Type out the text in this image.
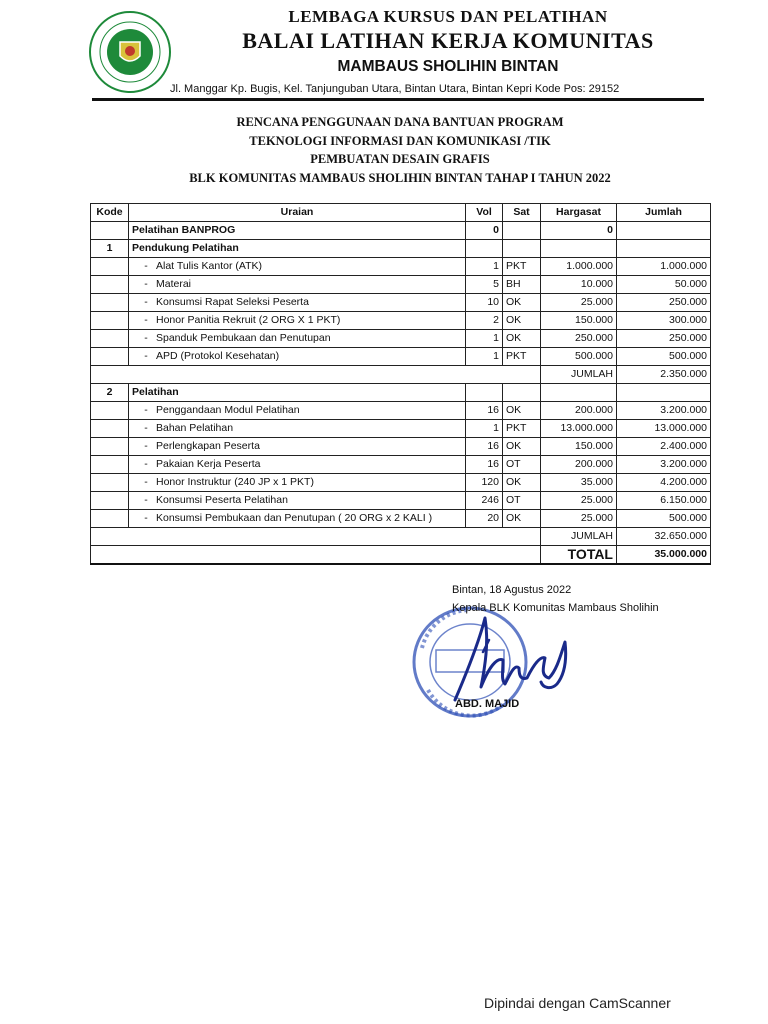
LEMBAGA KURSUS DAN PELATIHAN
BALAI LATIHAN KERJA KOMUNITAS
MAMBAUS SHOLIHIN BINTAN
Jl. Manggar Kp. Bugis, Kel. Tanjunguban Utara, Bintan Utara, Bintan Kepri Kode Pos: 29152
RENCANA PENGGUNAAN DANA BANTUAN PROGRAM
TEKNOLOGI INFORMASI DAN KOMUNIKASI /TIK
PEMBUATAN DESAIN GRAFIS
BLK KOMUNITAS MAMBAUS SHOLIHIN BINTAN TAHAP I TAHUN 2022
Kode	Uraian	Vol	Sat	Hargasat	Jumlah
	Pelatihan BANPROG	0		0	
1	Pendukung Pelatihan				
	- Alat Tulis Kantor (ATK)	1	PKT	1.000.000	1.000.000
	- Materai	5	BH	10.000	50.000
	- Konsumsi Rapat Seleksi Peserta	10	OK	25.000	250.000
	- Honor Panitia Rekruit (2 ORG X 1 PKT)	2	OK	150.000	300.000
	- Spanduk Pembukaan dan Penutupan	1	OK	250.000	250.000
	- APD (Protokol Kesehatan)	1	PKT	500.000	500.000
				JUMLAH	2.350.000
2	Pelatihan				
	- Penggandaan Modul Pelatihan	16	OK	200.000	3.200.000
	- Bahan Pelatihan	1	PKT	13.000.000	13.000.000
	- Perlengkapan Peserta	16	OK	150.000	2.400.000
	- Pakaian Kerja Peserta	16	OT	200.000	3.200.000
	- Honor Instruktur (240 JP x 1 PKT)	120	OK	35.000	4.200.000
	- Konsumsi Peserta Pelatihan	246	OT	25.000	6.150.000
	- Konsumsi Pembukaan dan Penutupan ( 20 ORG x 2 KALI )	20	OK	25.000	500.000
				JUMLAH	32.650.000
				TOTAL	35.000.000
Bintan, 18 Agustus 2022
Kepala BLK Komunitas Mambaus Sholihin
ABD. MAJID
Dipindai dengan CamScanner
